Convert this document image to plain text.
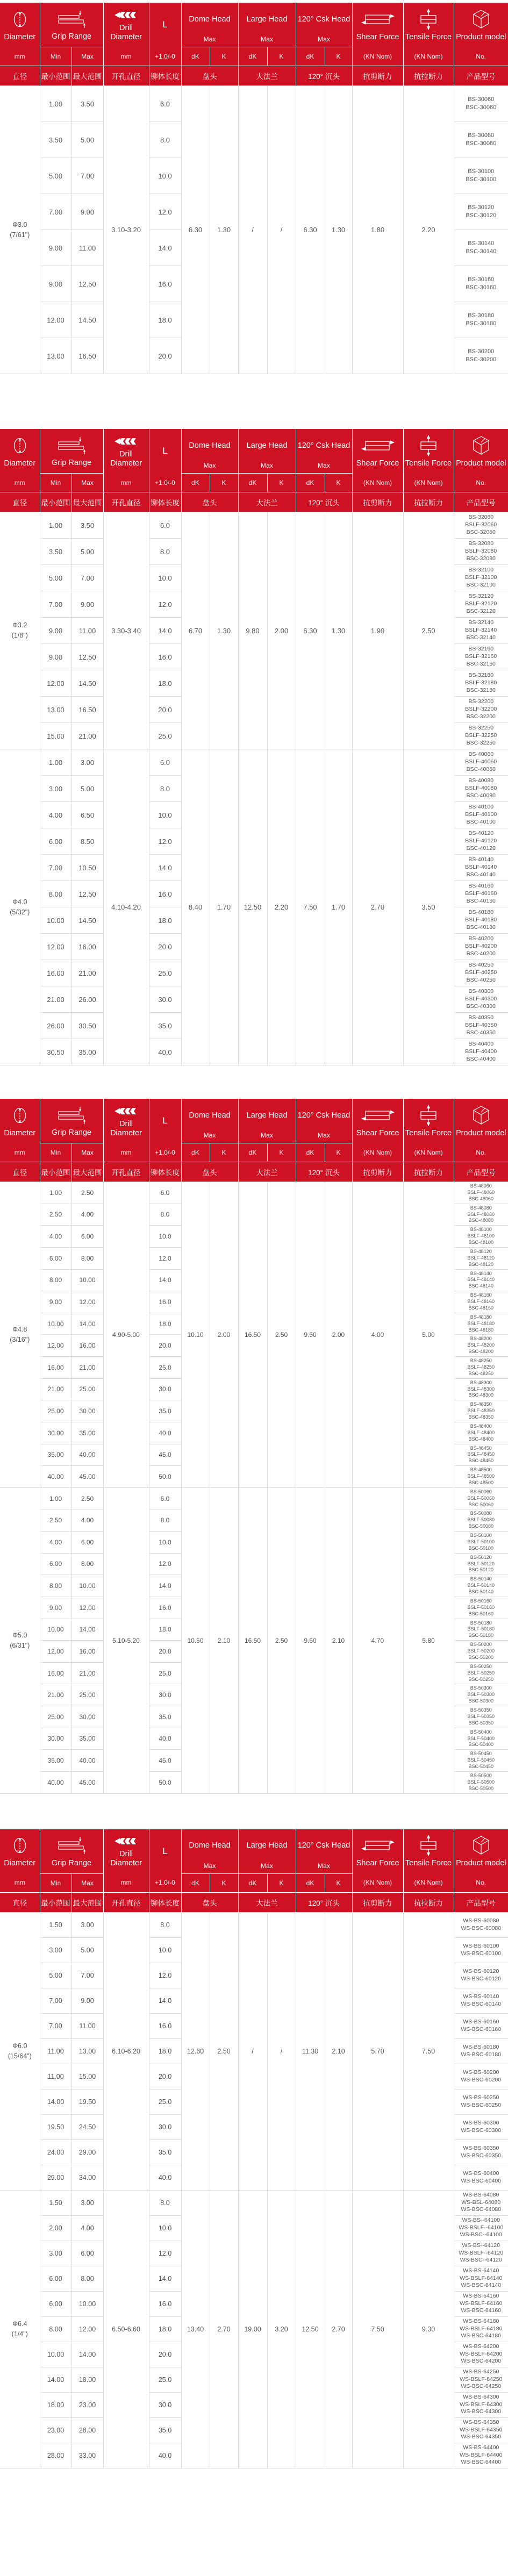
Diameter	Grip Range

Drill Diameter

L

Dome Head
Max

Large Head
Max

120° Csk Head
Max	Shear Force	Tensile Force	Product model

mm	Min	Max	mm	+1.0/-0	dK	K	dK	K	dK	K	(KN Nom)	(KN Nom)	No.
直径	最小范围	最大范围	开孔直径	铆体长度	盘头		大法兰		120° 沉头		抗剪断力	抗拉断力	产品型号

Φ3.0
(7/61")
	1.00	3.50	3.10-3.20	6.0	6.30	1.30	/	/	6.30	1.30	1.80	2.20	
BS-30060
BSC-30060

	3.50	5.00		8.0									BS-30080
BSC-30080

	5.00	7.00		10.0									BS-30100
BSC-30100

	7.00	9.00		12.0									BS-30120
BSC-30120

	9.00	11.00		14.0									BS-30140
BSC-30140

	9.00	12.50		16.0									BS-30160
BSC-30160

	12.00	14.50		18.0									BS-30180
BSC-30180

	13.00	16.50		20.0									BS-30200
BSC-30200
Diameter	Grip Range

Drill Diameter

L

Dome Head
Max

Large Head
Max

120° Csk Head
Max	Shear Force	Tensile Force	Product model

mm	Min	Max	mm	+1.0/-0	dK	K	dK	K	dK	K	(KN Nom)	(KN Nom)	No.
直径	最小范围	最大范围	开孔直径	铆体长度	盘头		大法兰		120° 沉头		抗剪断力	抗拉断力	产品型号

Φ3.2
(1/8")
	1.00	3.50	3.30-3.40	6.0	6.70	1.30	9.80	2.00	6.30	1.30	1.90	2.50	
BS-32060
BSLF-32060
BSC-32060

	3.50	5.00		8.0									BS-32080
BSLF-32080
BSC-32080

	5.00	7.00		10.0									BS-32100
BSLF-32100
BSC-32100

	7.00	9.00		12.0									BS-32120
BSLF-32120
BSC-32120

	9.00	11.00		14.0									BS-32140
BSLF-32140
BSC-32140

	9.00	12.50		16.0									BS-32160
BSLF-32160
BSC-32160

	12.00	14.50		18.0									BS-32180
BSLF-32180
BSC-32180

	13.00	16.50		20.0									BS-32200
BSLF-32200
BSC-32200

	15.00	21.00		25.0									BS-32250
BSLF-32250
BSC-32250

Φ4.0
(5/32")
	1.00	3.00	4.10-4.20	6.0	8.40	1.70	12.50	2.20	7.50	1.70	2.70	3.50	
BS-40060
BSLF-40060
BSC-40060

	3.00	5.00		8.0									BS-40080
BSLF-40080
BSC-40080

	4.00	6.50		10.0									BS-40100
BSLF-40100
BSC-40100

	6.00	8.50		12.0									BS-40120
BSLF-40120
BSC-40120

	7.00	10.50		14.0									BS-40140
BSLF-40140
BSC-40140

	8.00	12.50		16.0									BS-40160
BSLF-40160
BSC-40160

	10.00	14.50		18.0									BS-40180
BSLF-40180
BSC-40180

	12.00	16.00		20.0									BS-40200
BSLF-40200
BSC-40200

	16.00	21.00		25.0									BS-40250
BSLF-40250
BSC-40250

	21.00	26.00		30.0									BS-40300
BSLF-40300
BSC-40300

	26.00	30.50		35.0									BS-40350
BSLF-40350
BSC-40350

	30.50	35.00		40.0									BS-40400
BSLF-40400
BSC-40400
Diameter	Grip Range

Drill Diameter

L

Dome Head
Max

Large Head
Max

120° Csk Head
Max	Shear Force	Tensile Force	Product model

mm	Min	Max	mm	+1.0/-0	dK	K	dK	K	dK	K	(KN Nom)	(KN Nom)	No.
直径	最小范围	最大范围	开孔直径	铆体长度	盘头		大法兰		120° 沉头		抗剪断力	抗拉断力	产品型号

Φ4.8
(3/16")
	1.00	2.50	4.90-5.00	6.0	10.10	2.00	16.50	2.50	9.50	2.00	4.00	5.00	
BS-48060
BSLF-48060
BSC-48060

	2.50	4.00		8.0									BS-48080
BSLF-48080
BSC-48080

	4.00	6.00		10.0									BS-48100
BSLF-48100
BSC-48100

	6.00	8.00		12.0									BS-48120
BSLF-48120
BSC-48120

	8.00	10.00		14.0									BS-48140
BSLF-48140
BSC-48140

	9.00	12.00		16.0									BS-48160
BSLF-48160
BSC-48160

	10.00	14.00		18.0									BS-48180
BSLF-48180
BSC-48180

	12.00	16.00		20.0									BS-48200
BSLF-48200
BSC-48200

	16.00	21.00		25.0									BS-48250
BSLF-48250
BSC-48250

	21.00	25.00		30.0									BS-48300
BSLF-48300
BSC-48300

	25.00	30.00		35.0									BS-48350
BSLF-48350
BSC-48350

	30.00	35.00		40.0									BS-48400
BSLF-48400
BSC-48400

	35.00	40.00		45.0									BS-48450
BSLF-48450
BSC-48450

	40.00	45.00		50.0									BS-48500
BSLF-48500
BSC-48500

Φ5.0
(6/31")
	1.00	2.50	5.10-5.20	6.0	10.50	2.10	16.50	2.50	9.50	2.10	4.70	5.80	
BS-50060
BSLF-50060
BSC-50060

	2.50	4.00		8.0									BS-50080
BSLF-50080
BSC-50080

	4.00	6.00		10.0									BS-50100
BSLF-50100
BSC-50100

	6.00	8.00		12.0									BS-50120
BSLF-50120
BSC-50120

	8.00	10.00		14.0									BS-50140
BSLF-50140
BSC-50140

	9.00	12.00		16.0									BS-50160
BSLF-50160
BSC-50160

	10.00	14.00		18.0									BS-50180
BSLF-50180
BSC-50180

	12.00	16.00		20.0									BS-50200
BSLF-50200
BSC-50200

	16.00	21.00		25.0									BS-50250
BSLF-50250
BSC-50250

	21.00	25.00		30.0									BS-50300
BSLF-50300
BSC-50300

	25.00	30.00		35.0									BS-50350
BSLF-50350
BSC-50350

	30.00	35.00		40.0									BS-50400
BSLF-50400
BSC-50400

	35.00	40.00		45.0									BS-50450
BSLF-50450
BSC-50450

	40.00	45.00		50.0									BS-50500
BSLF-50500
BSC-50500
Diameter	Grip Range

Drill Diameter

L

Dome Head
Max

Large Head
Max

120° Csk Head
Max	Shear Force	Tensile Force	Product model

mm	Min	Max	mm	+1.0/-0	dK	K	dK	K	dK	K	(KN Nom)	(KN Nom)	No.
直径	最小范围	最大范围	开孔直径	铆体长度	盘头		大法兰		120° 沉头		抗剪断力	抗拉断力	产品型号

Φ6.0
(15/64")
	1.50	3.00	6.10-6.20	8.0	12.60	2.50	/	/	11.30	2.10	5.70	7.50	
WS-BS-60080
WS-BSC-60080

	3.00	5.00		10.0									WS-BS-60100
WS-BSC-60100

	5.00	7.00		12.0									WS-BS-60120
WS-BSC-60120

	7.00	9.00		14.0									WS-BS-60140
WS-BSC-60140

	7.00	11.00		16.0									WS-BS-60160
WS-BSC-60160

	11.00	13.00		18.0									WS-BS-60180
WS-BSC-60180

	11.00	15.00		20.0									WS-BS-60200
WS-BSC-60200

	14.00	19.50		25.0									WS-BS-60250
WS-BSC-60250

	19.50	24.50		30.0									WS-BS-60300
WS-BSC-60300

	24.00	29.00		35.0									WS-BS-60350
WS-BSC-60350

	29.00	34.00		40.0									WS-BS-60400
WS-BSC-60400

Φ6.4
(1/4")
	1.50	3.00	6.50-6.60	8.0	13.40	2.70	19.00	3.20	12.50	2.70	7.50	9.30	
WS-BS-64080
WS-BSL-64080
WS-BSC-64080

	2.00	4.00		10.0									WS-BS--64100
WS-BSLF--64100
WS-BSC--64100

	3.00	6.00		12.0									WS-BS--64120
WS-BSLF--64120
WS-BSC--64120

	6.00	8.00		14.0									WS-BS-64140
WS-BSLF-64140
WS-BSC-64140

	6.00	10.00		16.0									WS-BS-64160
WS-BSLF-64160
WS-BSC-64160

	8.00	12.00		18.0									WS-BS-64180
WS-BSLF-64180
WS-BSC-64180

	10.00	14.00		20.0									WS-BS-64200
WS-BSLF-64200
WS-BSC-64200

	14.00	18.00		25.0									WS-BS-64250
WS-BSLF-64250
WS-BSC-64250

	18.00	23.00		30.0									WS-BS-64300
WS-BSLF-64300
WS-BSC-64300

	23.00	28.00		35.0									WS-BS-64350
WS-BSLF-64350
WS-BSC-64350

	28.00	33.00		40.0									WS-BS-64400
WS-BSLF-64400
WS-BSC-64400
